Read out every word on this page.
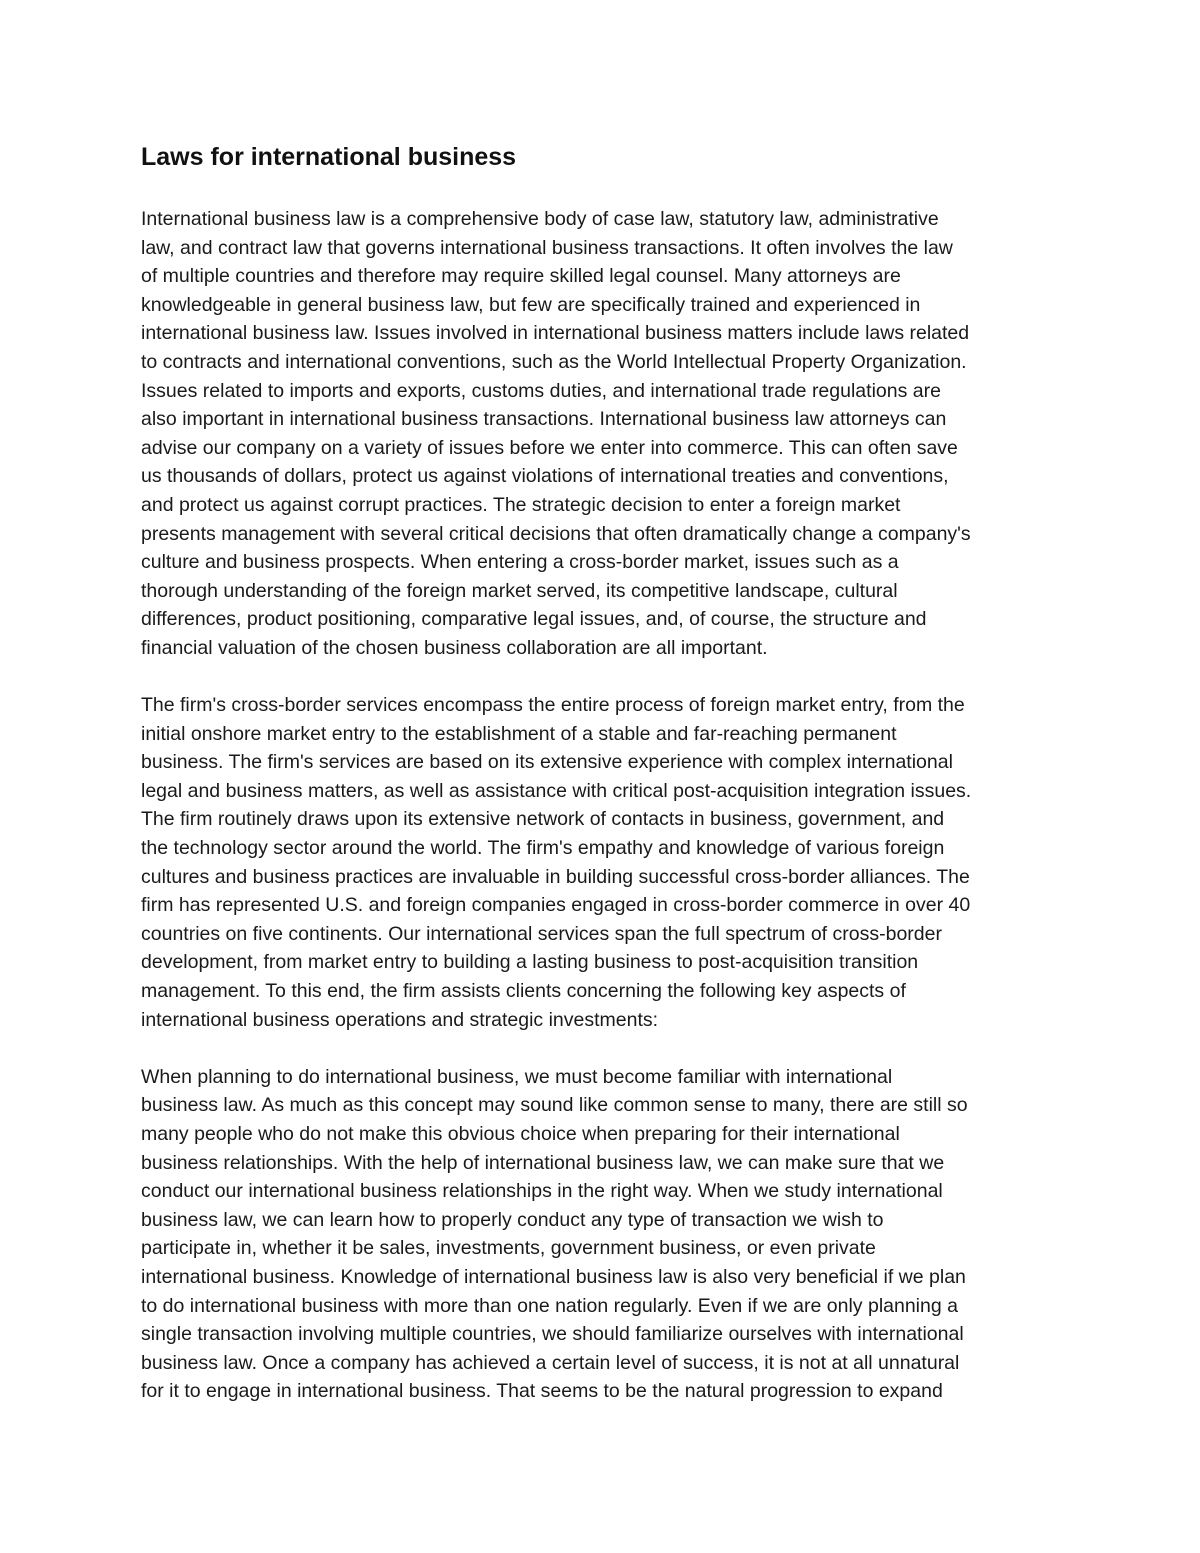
Laws for international business

International business law is a comprehensive body of case law, statutory law, administrative
law, and contract law that governs international business transactions. It often involves the law
of multiple countries and therefore may require skilled legal counsel. Many attorneys are
knowledgeable in general business law, but few are specifically trained and experienced in
international business law. Issues involved in international business matters include laws related
to contracts and international conventions, such as the World Intellectual Property Organization.
Issues related to imports and exports, customs duties, and international trade regulations are
also important in international business transactions. International business law attorneys can
advise our company on a variety of issues before we enter into commerce. This can often save
us thousands of dollars, protect us against violations of international treaties and conventions,
and protect us against corrupt practices. The strategic decision to enter a foreign market
presents management with several critical decisions that often dramatically change a company's
culture and business prospects. When entering a cross-border market, issues such as a
thorough understanding of the foreign market served, its competitive landscape, cultural
differences, product positioning, comparative legal issues, and, of course, the structure and
financial valuation of the chosen business collaboration are all important.

The firm's cross-border services encompass the entire process of foreign market entry, from the
initial onshore market entry to the establishment of a stable and far-reaching permanent
business. The firm's services are based on its extensive experience with complex international
legal and business matters, as well as assistance with critical post-acquisition integration issues.
The firm routinely draws upon its extensive network of contacts in business, government, and
the technology sector around the world. The firm's empathy and knowledge of various foreign
cultures and business practices are invaluable in building successful cross-border alliances. The
firm has represented U.S. and foreign companies engaged in cross-border commerce in over 40
countries on five continents. Our international services span the full spectrum of cross-border
development, from market entry to building a lasting business to post-acquisition transition
management. To this end, the firm assists clients concerning the following key aspects of
international business operations and strategic investments:

When planning to do international business, we must become familiar with international
business law. As much as this concept may sound like common sense to many, there are still so
many people who do not make this obvious choice when preparing for their international
business relationships. With the help of international business law, we can make sure that we
conduct our international business relationships in the right way. When we study international
business law, we can learn how to properly conduct any type of transaction we wish to
participate in, whether it be sales, investments, government business, or even private
international business. Knowledge of international business law is also very beneficial if we plan
to do international business with more than one nation regularly. Even if we are only planning a
single transaction involving multiple countries, we should familiarize ourselves with international
business law. Once a company has achieved a certain level of success, it is not at all unnatural
for it to engage in international business. That seems to be the natural progression to expand
